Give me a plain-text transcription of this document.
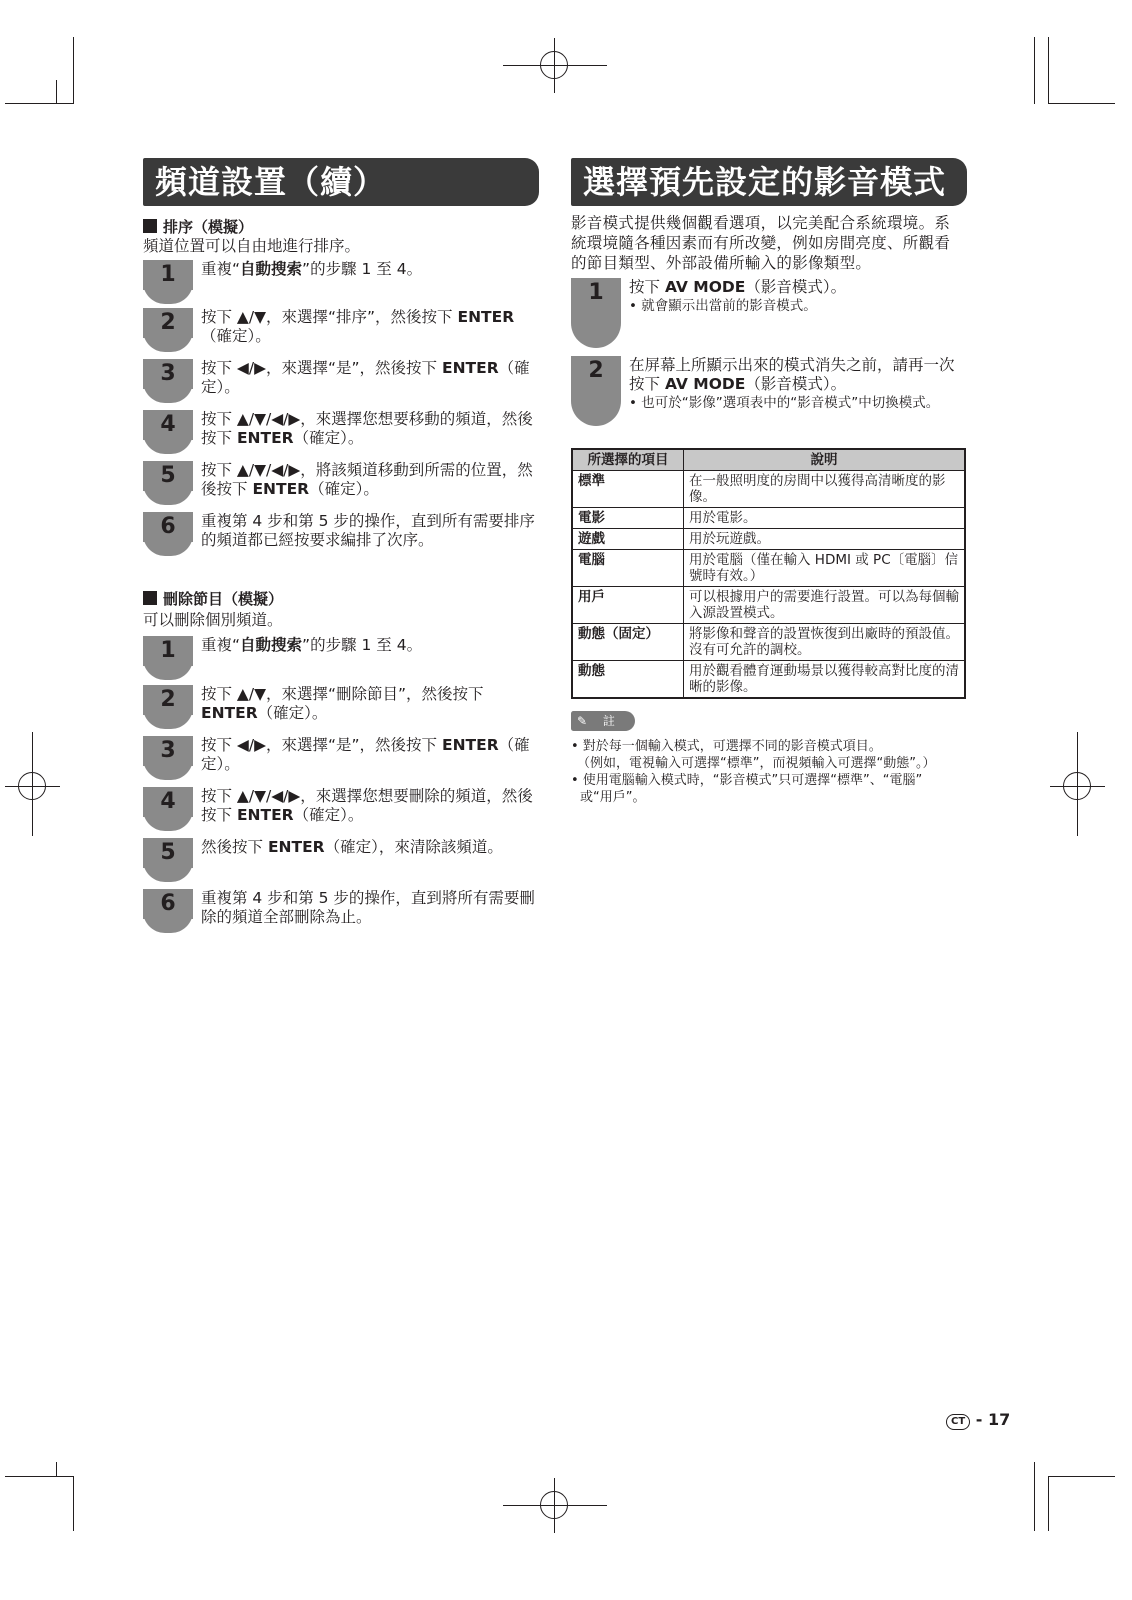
頻道設置（續）
排序（模擬）
頻道位置可以自由地進行排序。
1	重複“自動搜索”的步驟 1 至 4。
2	按下 ▲/▼，來選擇“排序”，然後按下 ENTER（確定）。
3	按下 ◀/▶，來選擇“是”，然後按下 ENTER（確定）。
4	按下 ▲/▼/◀/▶，來選擇您想要移動的頻道，然後按下 ENTER（確定）。
5	按下 ▲/▼/◀/▶，將該頻道移動到所需的位置，然後按下 ENTER（確定）。
6	重複第 4 步和第 5 步的操作，直到所有需要排序的頻道都已經按要求編排了次序。
刪除節目（模擬）
可以刪除個別頻道。
1	重複“自動搜索”的步驟 1 至 4。
2	按下 ▲/▼，來選擇“刪除節目”，然後按下 ENTER（確定）。
3	按下 ◀/▶，來選擇“是”，然後按下 ENTER（確定）。
4	按下 ▲/▼/◀/▶，來選擇您想要刪除的頻道，然後按下 ENTER（確定）。
5	然後按下 ENTER（確定），來清除該頻道。
6	重複第 4 步和第 5 步的操作，直到將所有需要刪除的頻道全部刪除為止。
選擇預先設定的影音模式
影音模式提供幾個觀看選項，以完美配合系統環境。系統環境隨各種因素而有所改變，例如房間亮度、所觀看的節目類型、外部設備所輸入的影像類型。
1	按下 AV MODE（影音模式）。
• 就會顯示出當前的影音模式。
2	在屏幕上所顯示出來的模式消失之前，請再一次按下 AV MODE（影音模式）。
• 也可於“影像”選項表中的“影音模式”中切換模式。
所選擇的項目	說明
標準	在一般照明度的房間中以獲得高清晰度的影像。
電影	用於電影。
遊戲	用於玩遊戲。
電腦	用於電腦（僅在輸入 HDMI 或 PC〔電腦〕信號時有效。）
用戶	可以根據用户的需要進行設置。可以為每個輸入源設置模式。
動態（固定）	將影像和聲音的設置恢復到出廠時的預設值。沒有可允許的調校。
動態	用於觀看體育運動場景以獲得較高對比度的清晰的影像。
✎ 註
• 對於每一個輸入模式，可選擇不同的影音模式項目。
（例如，電視輸入可選擇“標準”，而視頻輸入可選擇“動態”。）
• 使用電腦輸入模式時，“影音模式”只可選擇“標準”、“電腦”
或“用戶”。
CT - 17
